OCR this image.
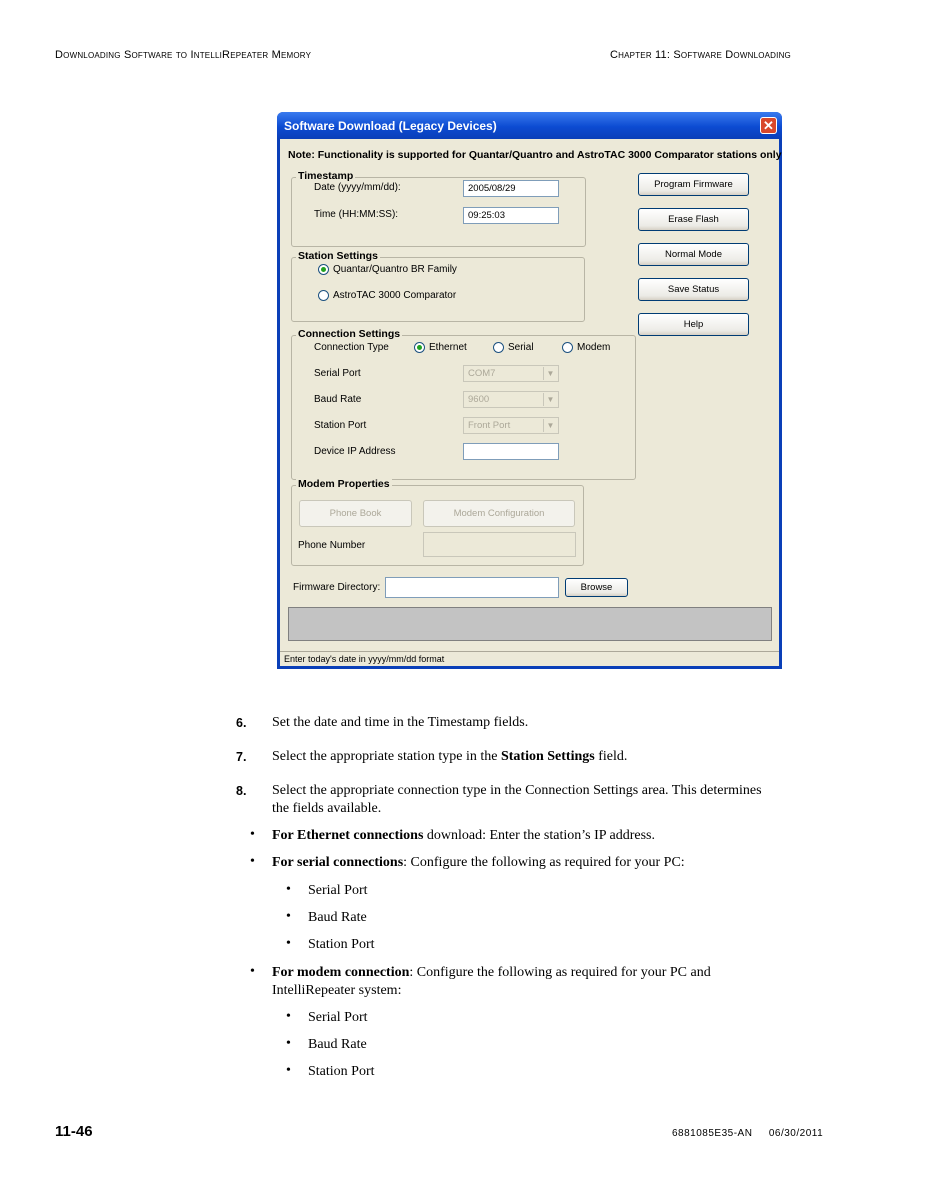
Downloading Software to IntelliRepeater Memory	Chapter 11: Software Downloading
Software Download (Legacy Devices)	✕
Note: Functionality is supported for Quantar/Quantro and AstroTAC 3000 Comparator stations only
Timestamp
Date (yyyy/mm/dd):	2005/08/29
Time (HH:MM:SS):	09:25:03
Station Settings
Quantar/Quantro BR Family
AstroTAC 3000 Comparator
Connection Settings
Connection Type	Ethernet	Serial	Modem
Serial Port	COM7	▼
Baud Rate	9600	▼
Station Port	Front Port	▼
Device IP Address
Modem Properties
Phone Book	Modem Configuration
Phone Number
Firmware Directory:	Browse
Program Firmware
Erase Flash
Normal Mode
Save Status
Help
Enter today's date in yyyy/mm/dd format
6. Set the date and time in the Timestamp fields.
7. Select the appropriate station type in the Station Settings field.
8. Select the appropriate connection type in the Connection Settings area. This determines
the fields available.
• For Ethernet connections download: Enter the station’s IP address.
• For serial connections: Configure the following as required for your PC:
• Serial Port
• Baud Rate
• Station Port
• For modem connection: Configure the following as required for your PC and
IntelliRepeater system:
• Serial Port
• Baud Rate
• Station Port
11-46	6881085E35-AN     06/30/2011
